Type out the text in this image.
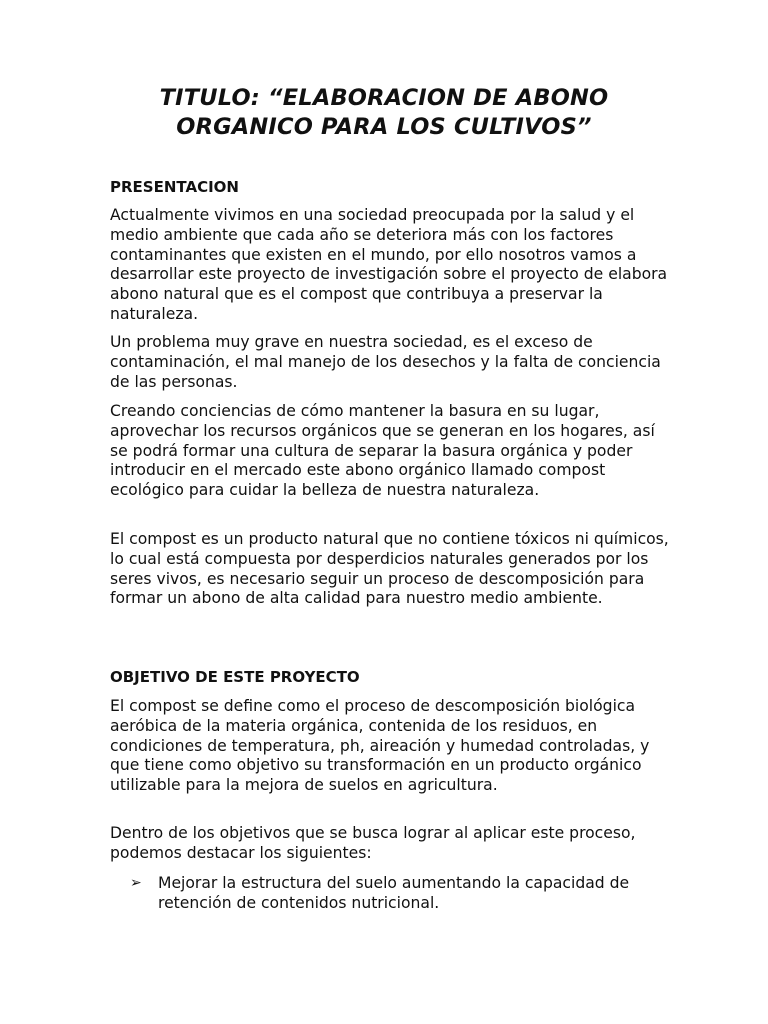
TITULO: “ELABORACION DE ABONO ORGANICO PARA LOS CULTIVOS”
PRESENTACION

Actualmente vivimos en una sociedad preocupada por la salud y el medio ambiente que cada año se deteriora más con los factores contaminantes que existen en el mundo, por ello nosotros vamos a desarrollar este proyecto de investigación sobre el proyecto de elabora abono natural que es el compost que contribuya a preservar la naturaleza.

Un problema muy grave en nuestra sociedad, es el exceso de contaminación, el mal manejo de los desechos y la falta de conciencia de las personas.

Creando conciencias de cómo mantener la basura en su lugar, aprovechar los recursos orgánicos que se generan en los hogares, así se podrá formar una cultura de separar la basura orgánica y poder introducir en el mercado este abono orgánico llamado compost ecológico para cuidar la belleza de nuestra naturaleza.

El compost es un producto natural que no contiene tóxicos ni químicos, lo cual está compuesta por desperdicios naturales generados por los seres vivos, es necesario seguir un proceso de descomposición para formar un abono de alta calidad para nuestro medio ambiente.

OBJETIVO DE ESTE PROYECTO

El compost se define como el proceso de descomposición biológica aeróbica de la materia orgánica, contenida de los residuos, en condiciones de temperatura, ph, aireación y humedad controladas, y que tiene como objetivo su transformación en un producto orgánico utilizable para la mejora de suelos en agricultura.

Dentro de los objetivos que se busca lograr al aplicar este proceso, podemos destacar los siguientes:

➢	Mejorar la estructura del suelo aumentando la capacidad de retención de contenidos nutricional.
